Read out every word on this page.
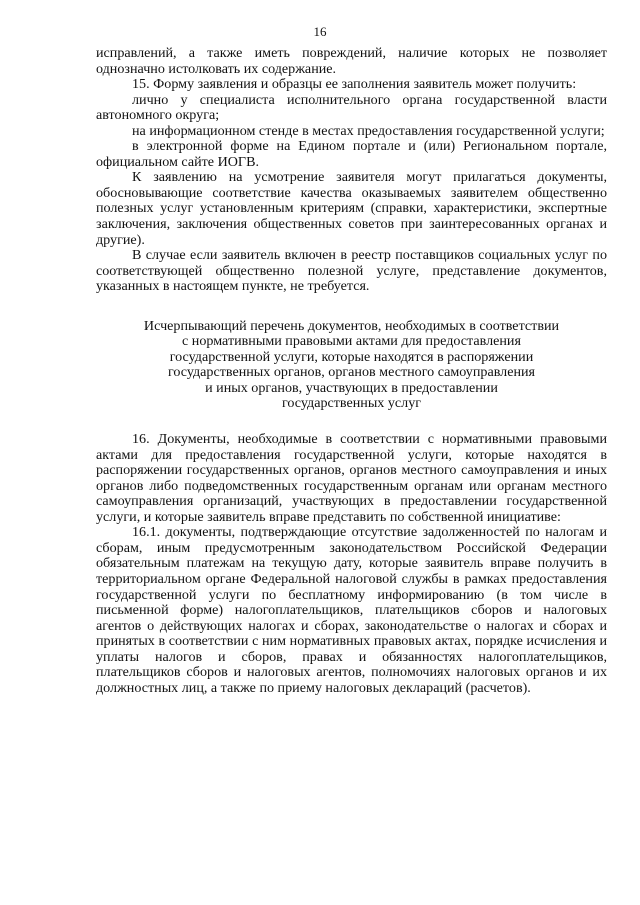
16

исправлений, а также иметь повреждений, наличие которых не позволяет однозначно истолковать их содержание.

15. Форму заявления и образцы ее заполнения заявитель может получить:

лично у специалиста исполнительного органа государственной власти автономного округа;

на информационном стенде в местах предоставления государственной услуги;

в электронной форме на Едином портале и (или) Региональном портале, официальном сайте ИОГВ.

К заявлению на усмотрение заявителя могут прилагаться документы, обосновывающие соответствие качества оказываемых заявителем общественно полезных услуг установленным критериям (справки, характеристики, экспертные заключения, заключения общественных советов при заинтересованных органах и другие).

В случае если заявитель включен в реестр поставщиков социальных услуг по соответствующей общественно полезной услуге, представление документов, указанных в настоящем пункте, не требуется.

Исчерпывающий перечень документов, необходимых в соответствии
с нормативными правовыми актами для предоставления
государственной услуги, которые находятся в распоряжении
государственных органов, органов местного самоуправления
и иных органов, участвующих в предоставлении
государственных услуг

16. Документы, необходимые в соответствии с нормативными правовыми актами для предоставления государственной услуги, которые находятся в распоряжении государственных органов, органов местного самоуправления и иных органов либо подведомственных государственным органам или органам местного самоуправления организаций, участвующих в предоставлении государственной услуги, и которые заявитель вправе представить по собственной инициативе:

16.1. документы, подтверждающие отсутствие задолженностей по налогам и сборам, иным предусмотренным законодательством Российской Федерации обязательным платежам на текущую дату, которые заявитель вправе получить в территориальном органе Федеральной налоговой службы в рамках предоставления государственной услуги по бесплатному информированию (в том числе в письменной форме) налогоплательщиков, плательщиков сборов и налоговых агентов о действующих налогах и сборах, законодательстве о налогах и сборах и принятых в соответствии с ним нормативных правовых актах, порядке исчисления и уплаты налогов и сборов, правах и обязанностях налогоплательщиков, плательщиков сборов и налоговых агентов, полномочиях налоговых органов и их должностных лиц, а также по приему налоговых деклараций (расчетов).
